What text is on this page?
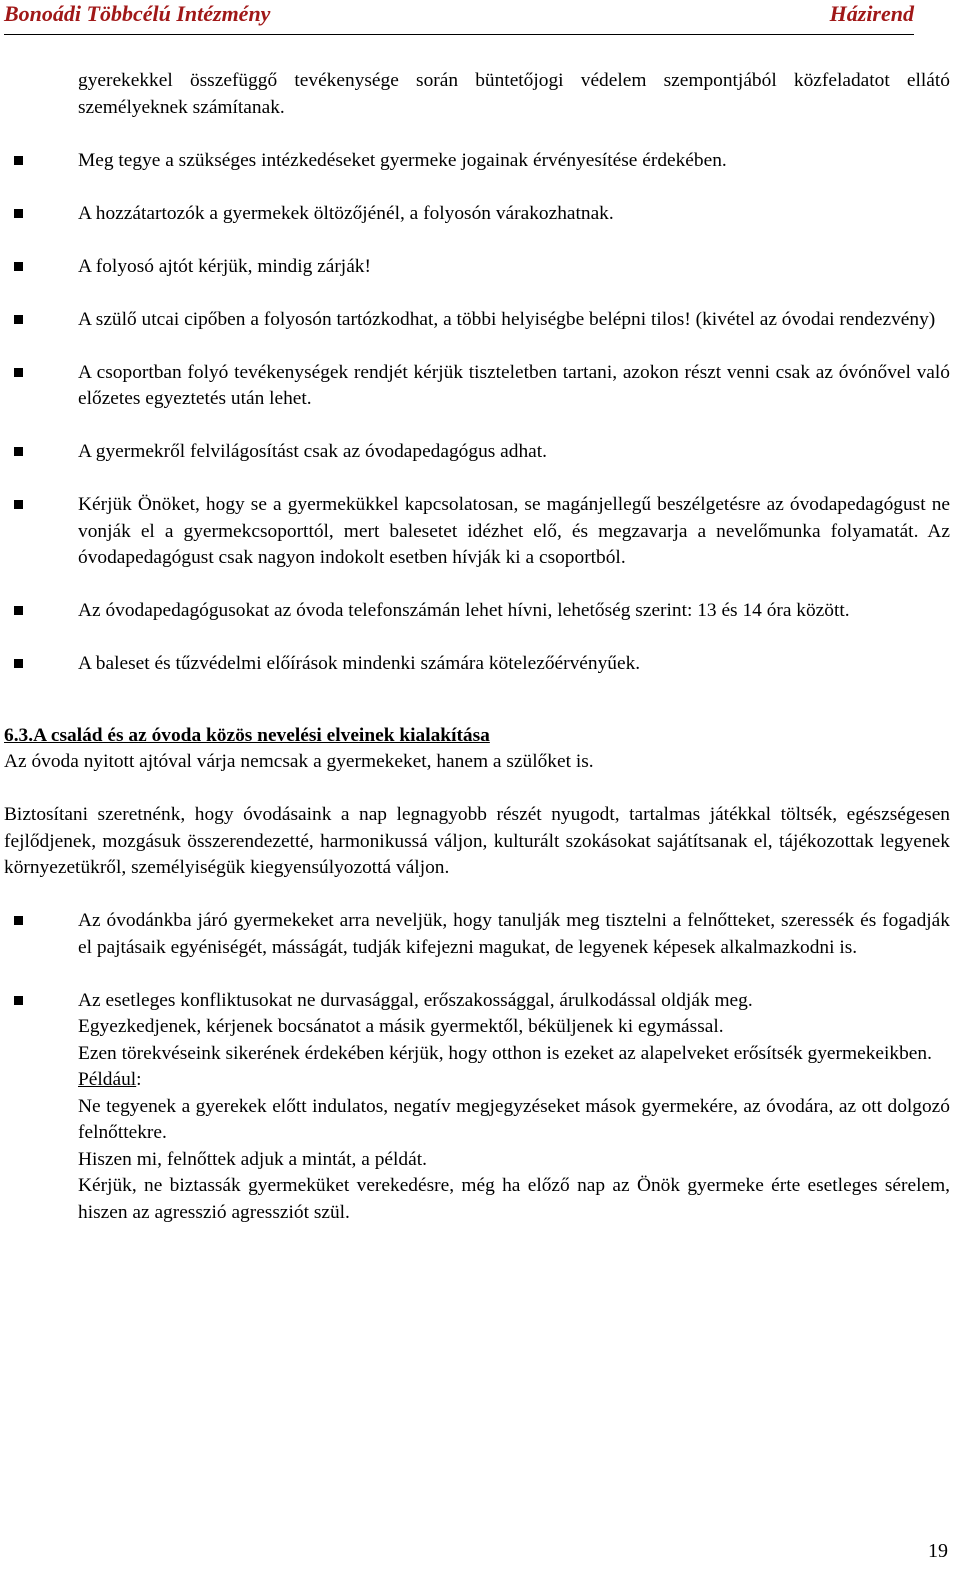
Bonoádi Többcélú Intézmény	Házirend
gyerekekkel összefüggő tevékenysége során büntetőjogi védelem szempontjából közfeladatot ellátó személyeknek számítanak.
Meg tegye a szükséges intézkedéseket gyermeke jogainak érvényesítése érdekében.
A hozzátartozók a gyermekek öltözőjénél, a folyosón várakozhatnak.
A folyosó ajtót kérjük, mindig zárják!
A szülő utcai cipőben a folyosón tartózkodhat, a többi helyiségbe belépni tilos! (kivétel az óvodai rendezvény)
A csoportban folyó tevékenységek rendjét kérjük tiszteletben tartani, azokon részt venni csak az óvónővel való előzetes egyeztetés után lehet.
A gyermekről felvilágosítást csak az óvodapedagógus adhat.
Kérjük Önöket, hogy se a gyermekükkel kapcsolatosan, se magánjellegű beszélgetésre az óvodapedagógust ne vonják el a gyermekcsoporttól, mert balesetet idézhet elő, és megzavarja a nevelőmunka folyamatát. Az óvodapedagógust csak nagyon indokolt esetben hívják ki a csoportból.
Az óvodapedagógusokat az óvoda telefonszámán lehet hívni, lehetőség szerint: 13 és 14 óra között.
A baleset és tűzvédelmi előírások mindenki számára kötelezőérvényűek.

6.3.A család és az óvoda közös nevelési elveinek kialakítása

Az óvoda nyitott ajtóval várja nemcsak a gyermekeket, hanem a szülőket is.

Biztosítani szeretnénk, hogy óvodásaink a nap legnagyobb részét nyugodt, tartalmas játékkal töltsék, egészségesen fejlődjenek, mozgásuk összerendezetté, harmonikussá váljon, kulturált szokásokat sajátítsanak el, tájékozottak legyenek környezetükről, személyiségük kiegyensúlyozottá váljon.

Az óvodánkba járó gyermekeket arra neveljük, hogy tanulják meg tisztelni a felnőtteket, szeressék és fogadják el pajtásaik egyéniségét, másságát, tudják kifejezni magukat, de legyenek képesek alkalmazkodni is.

Az esetleges konfliktusokat ne durvasággal, erőszakossággal, árulkodással oldják meg.

Egyezkedjenek, kérjenek bocsánatot a másik gyermektől, béküljenek ki egymással.

Ezen törekvéseink sikerének érdekében kérjük, hogy otthon is ezeket az alapelveket erősítsék gyermekeikben.

Például:

Ne tegyenek a gyerekek előtt indulatos, negatív megjegyzéseket mások gyermekére, az óvodára, az ott dolgozó felnőttekre.

Hiszen mi, felnőttek adjuk a mintát, a példát.

Kérjük, ne biztassák gyermeküket verekedésre, még ha előző nap az Önök gyermeke érte esetleges sérelem, hiszen az agresszió agressziót szül.

19
